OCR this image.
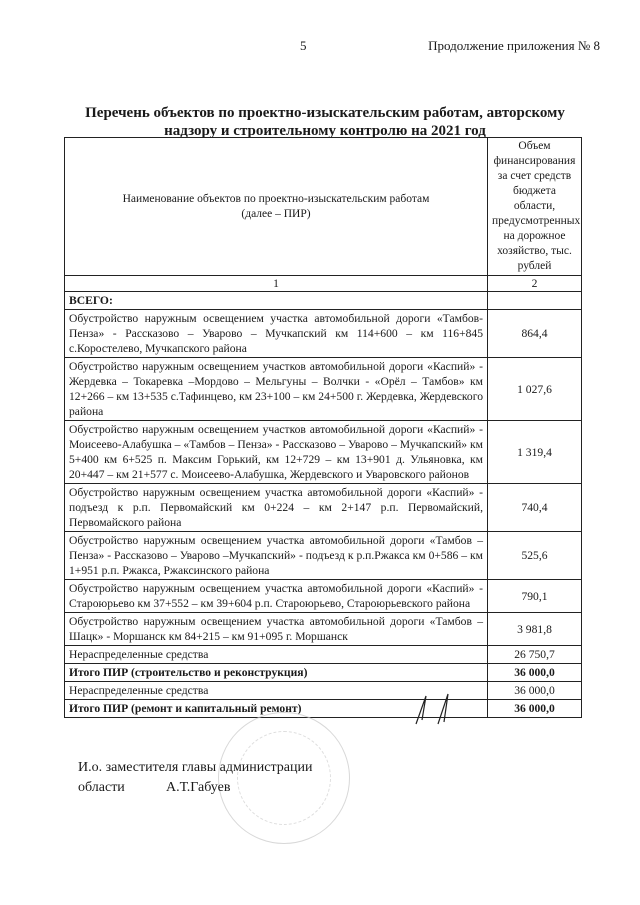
5	Продолжение приложения № 8
Перечень объектов по проектно-изыскательским работам, авторскому
надзору и строительному контролю на 2021 год
Наименование объектов по проектно-изыскательским работам
(далее – ПИР)	Объем финансирования за счет средств бюджета области, предусмотренных на дорожное хозяйство, тыс. рублей
1	2
ВСЕГО:	
Обустройство наружным освещением участка автомобильной дороги «Тамбов-Пенза» - Рассказово – Уварово – Мучкапский км 114+600 – км 116+845 с.Коростелево, Мучкапского района	864,4
Обустройство наружным освещением участков автомобильной дороги «Каспий» - Жердевка – Токаревка –Мордово – Мельгуны – Волчки - «Орёл – Тамбов» км 12+266 – км 13+535 с.Тафинцево, км 23+100 – км 24+500 г. Жердевка, Жердевского района	1 027,6
Обустройство наружным освещением участков автомобильной дороги «Каспий» - Моисеево-Алабушка – «Тамбов – Пенза» - Рассказово – Уварово – Мучкапский» км 5+400 км 6+525 п. Максим Горький, км 12+729 – км 13+901 д. Ульяновка, км 20+447 – км 21+577 с. Моисеево-Алабушка, Жердевского и Уваровского районов	1 319,4
Обустройство наружным освещением участка автомобильной дороги «Каспий» - подъезд к р.п. Первомайский км 0+224 – км 2+147 р.п. Первомайский, Первомайского района	740,4
Обустройство наружным освещением участка автомобильной дороги «Тамбов – Пенза» - Рассказово – Уварово –Мучкапский» - подъезд к р.п.Ржакса км 0+586 – км 1+951 р.п. Ржакса, Ржаксинского района	525,6
Обустройство наружным освещением участка автомобильной дороги «Каспий» - Староюрьево км 37+552 – км 39+604 р.п. Староюрьево, Староюрьевского района	790,1
Обустройство наружным освещением участка автомобильной дороги «Тамбов – Шацк» - Моршанск км 84+215 – км 91+095 г. Моршанск	3 981,8
Нераспределенные средства	26 750,7
Итого ПИР (строительство и реконструкция)	36 000,0
Нераспределенные средства	36 000,0
Итого ПИР (ремонт и капитальный ремонт)	36 000,0
И.о. заместителя главы администрации
области	А.Т.Габуев
